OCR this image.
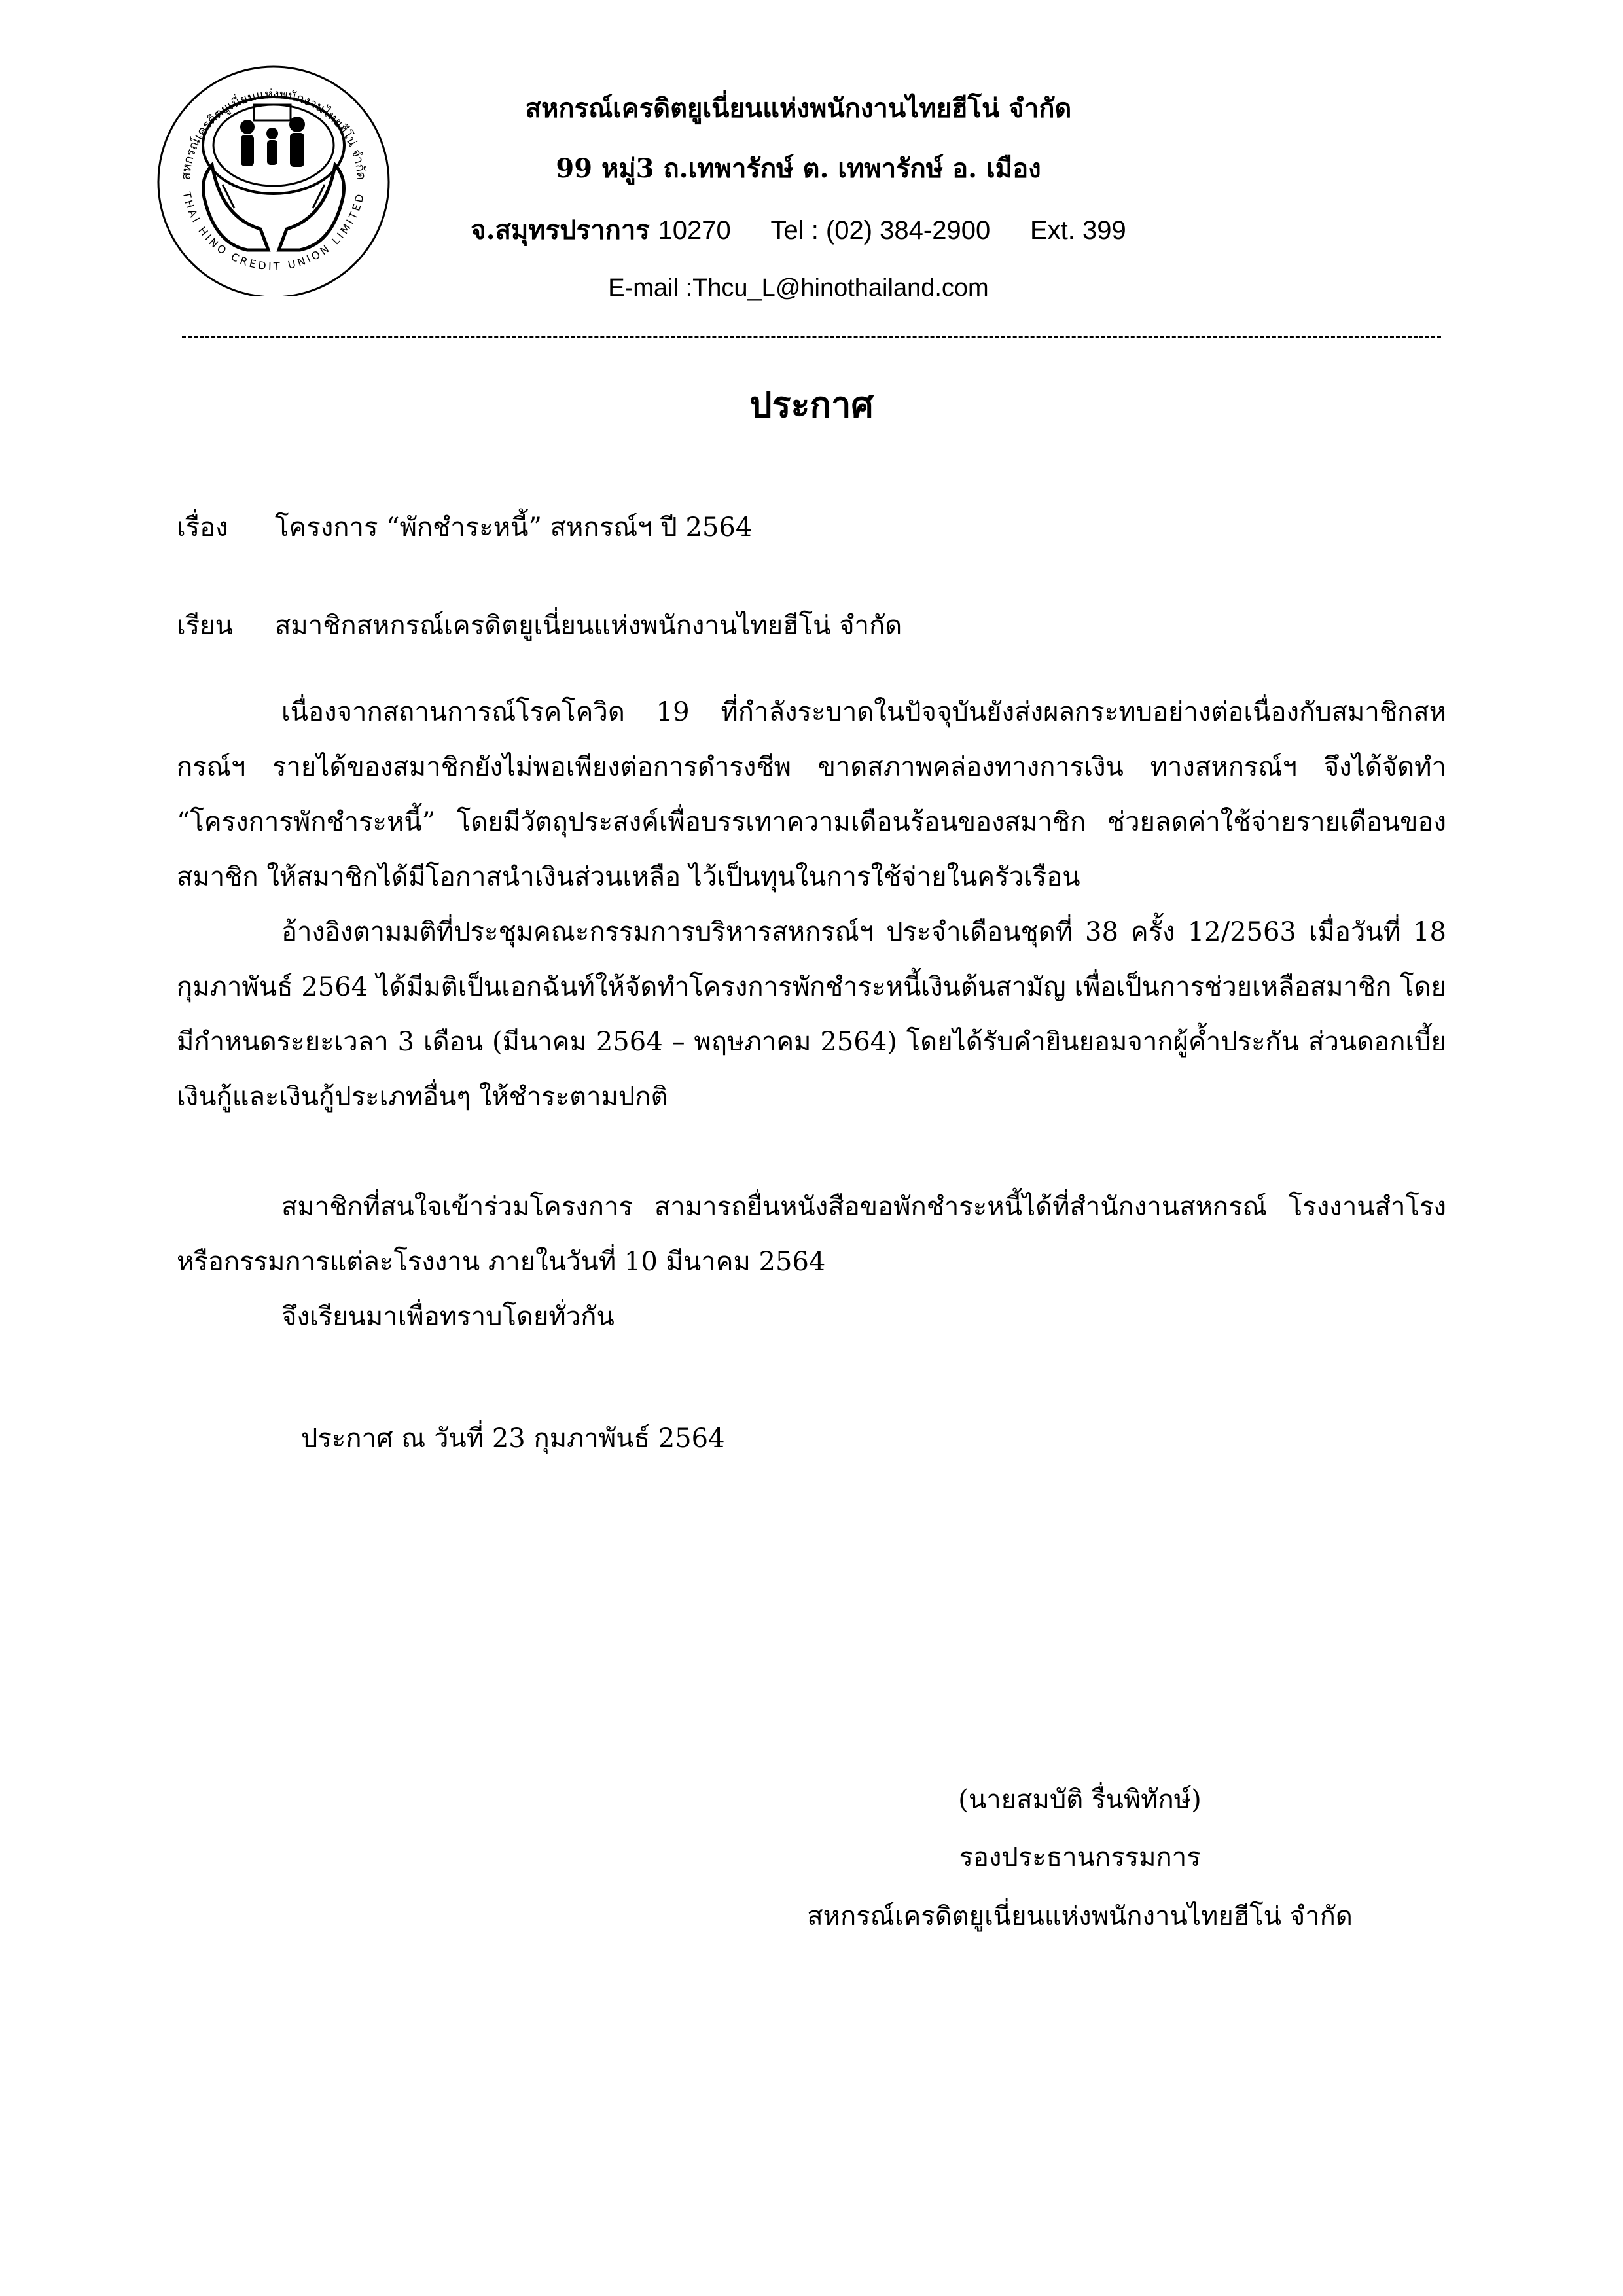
สหกรณ์เครดิตยูเนี่ยนแห่งพนักงานไทยฮีโน่ จำกัด
THAI HINO CREDIT UNION LIMITED
สหกรณ์เครดิตยูเนี่ยนแห่งพนักงานไทยฮีโน่ จำกัด
99 หมู่3 ถ.เทพารักษ์ ต. เทพารักษ์ อ. เมือง
จ.สมุทรปราการ 10270 Tel : (02) 384-2900 Ext. 399
E-mail :Thcu_L@hinothailand.com
ประกาศ
เรื่อง โครงการ “พักชำระหนี้” สหกรณ์ฯ ปี 2564
เรียน สมาชิกสหกรณ์เครดิตยูเนี่ยนแห่งพนักงานไทยฮีโน่ จำกัด
เนื่องจากสถานการณ์โรคโควิด 19 ที่กำลังระบาดในปัจจุบันยังส่งผลกระทบอย่างต่อเนื่องกับสมาชิกสหกรณ์ฯ รายได้ของสมาชิกยังไม่พอเพียงต่อการดำรงชีพ ขาดสภาพคล่องทางการเงิน ทางสหกรณ์ฯ จึงได้จัดทำ “โครงการพักชำระหนี้” โดยมีวัตถุประสงค์เพื่อบรรเทาความเดือนร้อนของสมาชิก ช่วยลดค่าใช้จ่ายรายเดือนของสมาชิก ให้สมาชิกได้มีโอกาสนำเงินส่วนเหลือ ไว้เป็นทุนในการใช้จ่ายในครัวเรือน
อ้างอิงตามมติที่ประชุมคณะกรรมการบริหารสหกรณ์ฯ ประจำเดือนชุดที่ 38 ครั้ง 12/2563 เมื่อวันที่ 18 กุมภาพันธ์ 2564 ได้มีมติเป็นเอกฉันท์ให้จัดทำโครงการพักชำระหนี้เงินต้นสามัญ เพื่อเป็นการช่วยเหลือสมาชิก โดยมีกำหนดระยะเวลา 3 เดือน (มีนาคม 2564 – พฤษภาคม 2564) โดยได้รับคำยินยอมจากผู้ค้ำประกัน ส่วนดอกเบี้ยเงินกู้และเงินกู้ประเภทอื่นๆ ให้ชำระตามปกติ
สมาชิกที่สนใจเข้าร่วมโครงการ สามารถยื่นหนังสือขอพักชำระหนี้ได้ที่สำนักงานสหกรณ์ โรงงานสำโรง หรือกรรมการแต่ละโรงงาน ภายในวันที่ 10 มีนาคม 2564
จึงเรียนมาเพื่อทราบโดยทั่วกัน
ประกาศ ณ วันที่ 23 กุมภาพันธ์ 2564
(นายสมบัติ รื่นพิทักษ์)
รองประธานกรรมการ
สหกรณ์เครดิตยูเนี่ยนแห่งพนักงานไทยฮีโน่ จำกัด
